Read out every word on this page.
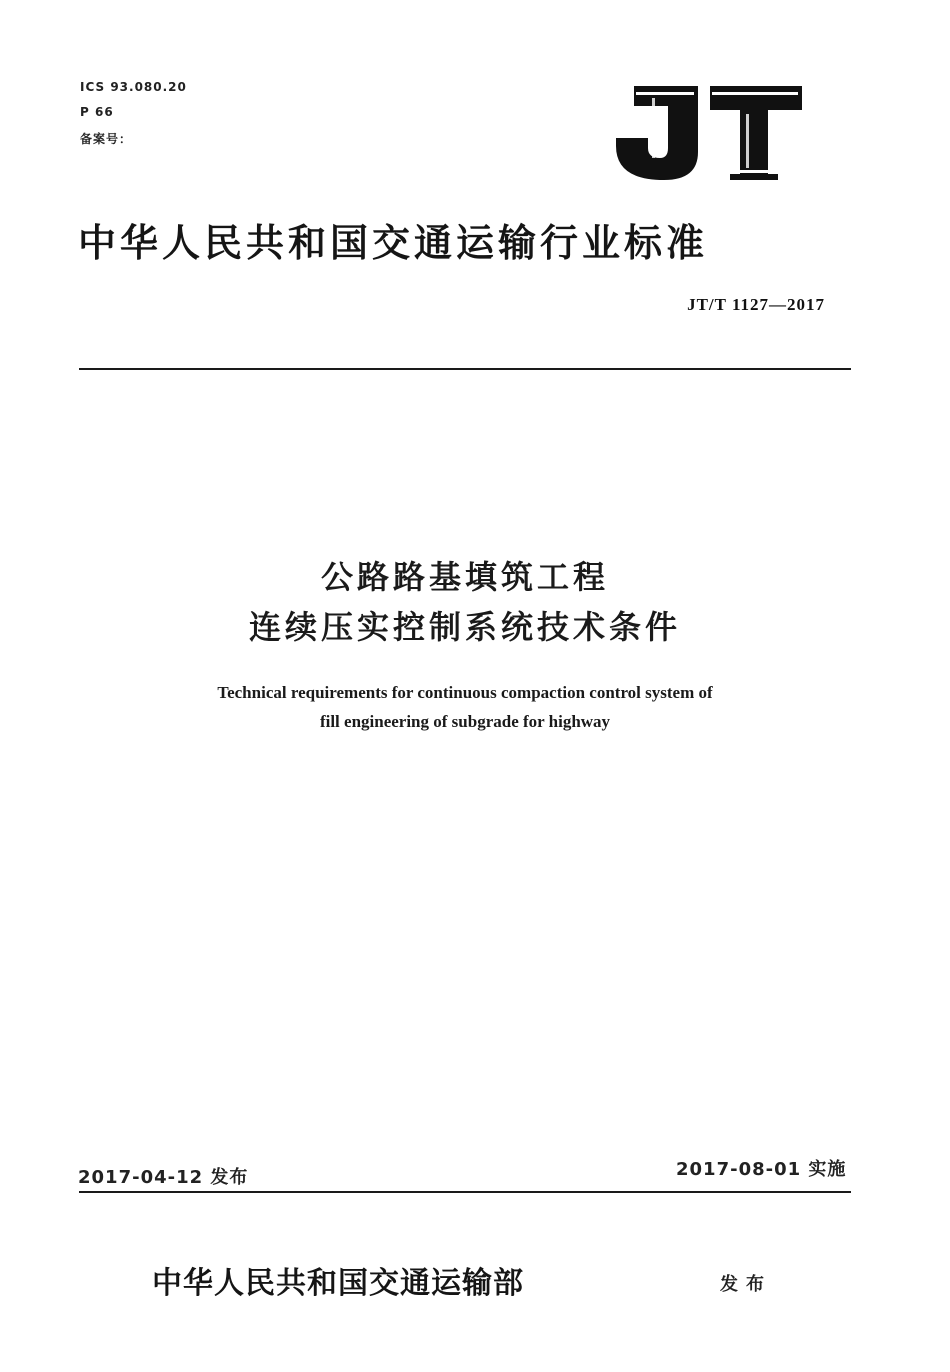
ICS 93.080.20
P 66
备案号：
中华人民共和国交通运输行业标准
JT/T 1127—2017
公路路基填筑工程
连续压实控制系统技术条件
Technical requirements for continuous compaction control system of
fill engineering of subgrade for highway
2017-04-12 发布	2017-08-01 实施
中华人民共和国交通运输部	发布
